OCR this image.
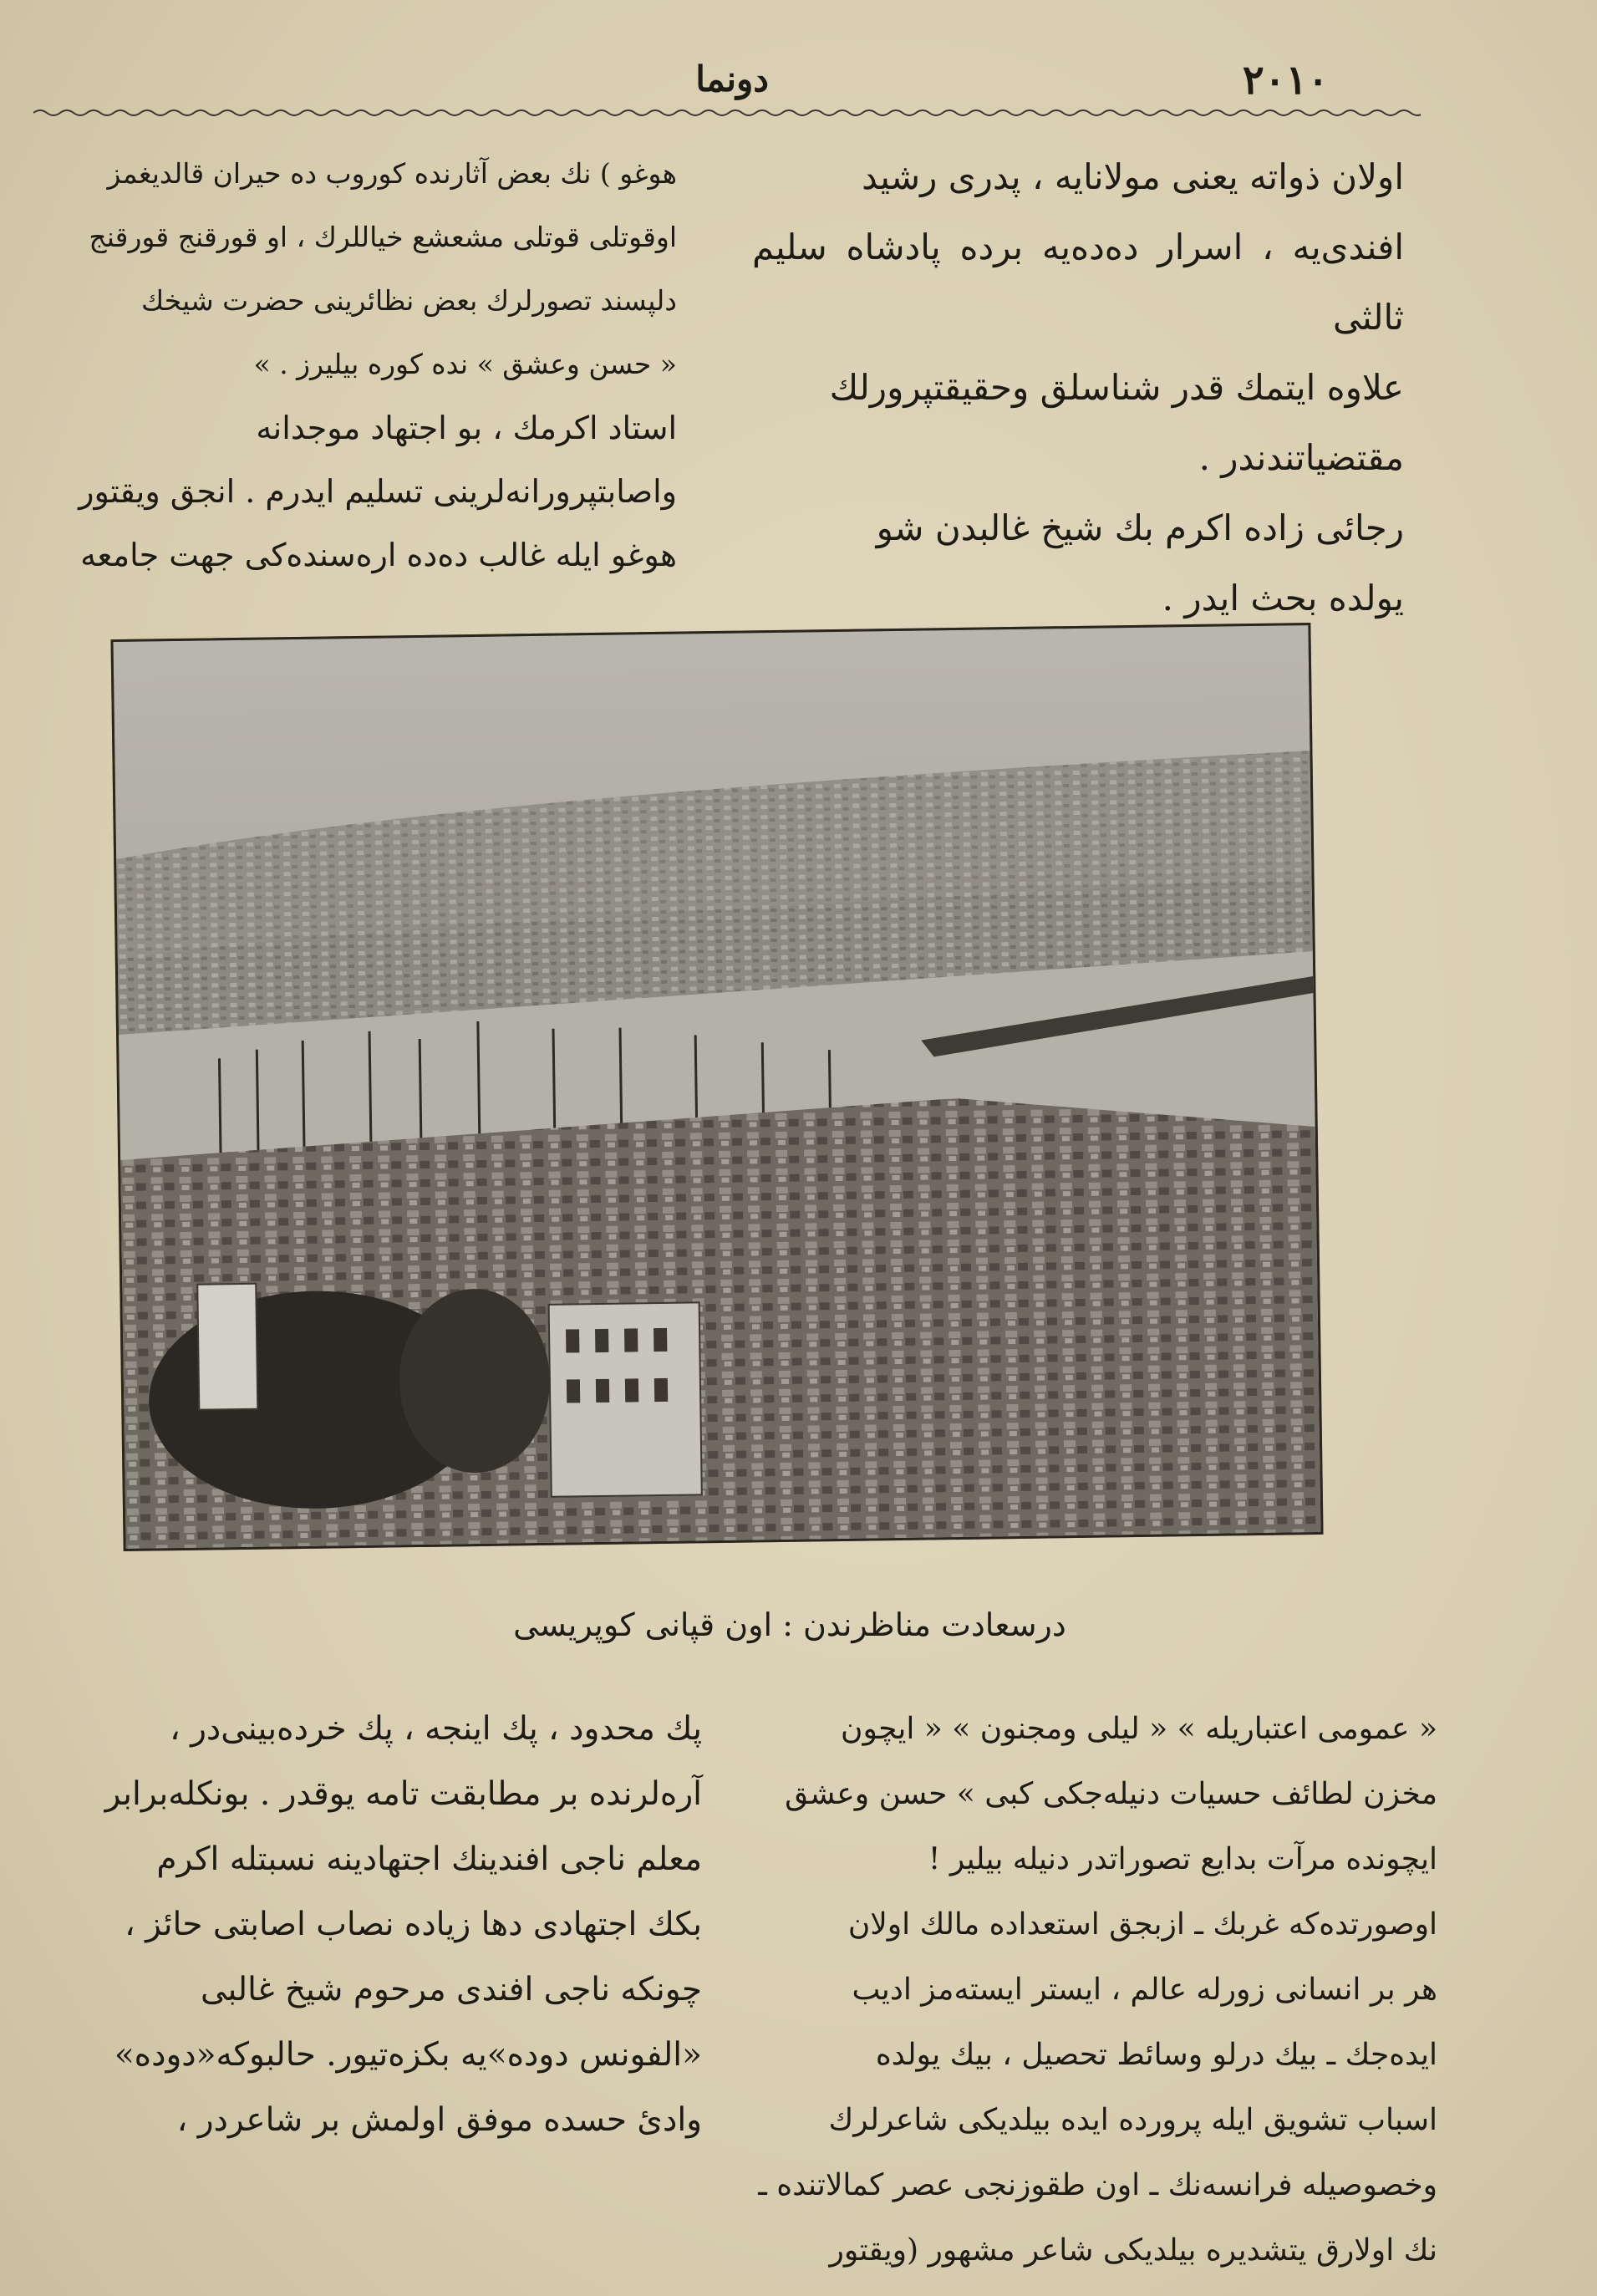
٢٠١٠
دونما

اولان ذواته یعنی مولانایه ، پدری رشید

افندی‌یه ، اسرار ده‌ده‌یه برده پادشاه سلیم ثالثی

علاوه ایتمك قدر شناسلق وحقیقتپرورلك

مقتضیاتندندر .

رجائی زاده اکرم بك شیخ غالبدن شو

یولده بحث ایدر .

هوغو ) نك بعض آثارنده کوروب ده حیران قالدیغمز

اوقوتلی قوتلی مشعشع خیاللرك ، او قورقنج قورقنج

دلپسند تصورلرك بعض نظائرینی حضرت شیخك

« حسن وعشق » نده کوره بیلیرز . »

استاد اکرمك ، بو اجتهاد موجدانه

واصابتپرورانه‌لرینی تسلیم ایدرم . انجق ویقتور

هوغو ایله غالب ده‌ده ارەسنده‌کی جهت جامعه

درسعادت مناظرندن : اون قپانی کوپریسی

« عمومی اعتباریله » « لیلی ومجنون » « ایچون

مخزن لطائف حسیات دنیله‌جکی کبی » حسن وعشق

ایچونده مرآت بدایع تصوراتدر دنیله بیلیر !

اوصورتده‌که غربك ـ ازبجق استعداده مالك اولان

هر بر انسانی زورله عالم ، ایستر ایسته‌مز ادیب

ایده‌جك ـ بیك درلو وسائط تحصیل ، بیك یولده

اسباب تشویق ایله پرورده ایده بیلدیکی شاعرلرك

وخصوصیله فرانسه‌نك ـ اون طقوزنجی عصر کمالاتنده ـ

نك اولارق یتشدیره بیلدیکی شاعر مشهور (ویقتور

پك محدود ، پك اینجه ، پك خرده‌بینی‌در ،

آره‌لرنده بر مطابقت تامه یوقدر . بونکله‌برابر

معلم ناجی افندینك اجتهادینه نسبتله اکرم

بكك اجتهادی دها زیاده نصاب اصابتی حائز ،

چونکه ناجی افندی مرحوم شیخ غالبی

«الفونس دوده»یه بکزه‌تیور. حالبوکه«دوده»

وادیٔ حسده موفق اولمش بر شاعردر ،
